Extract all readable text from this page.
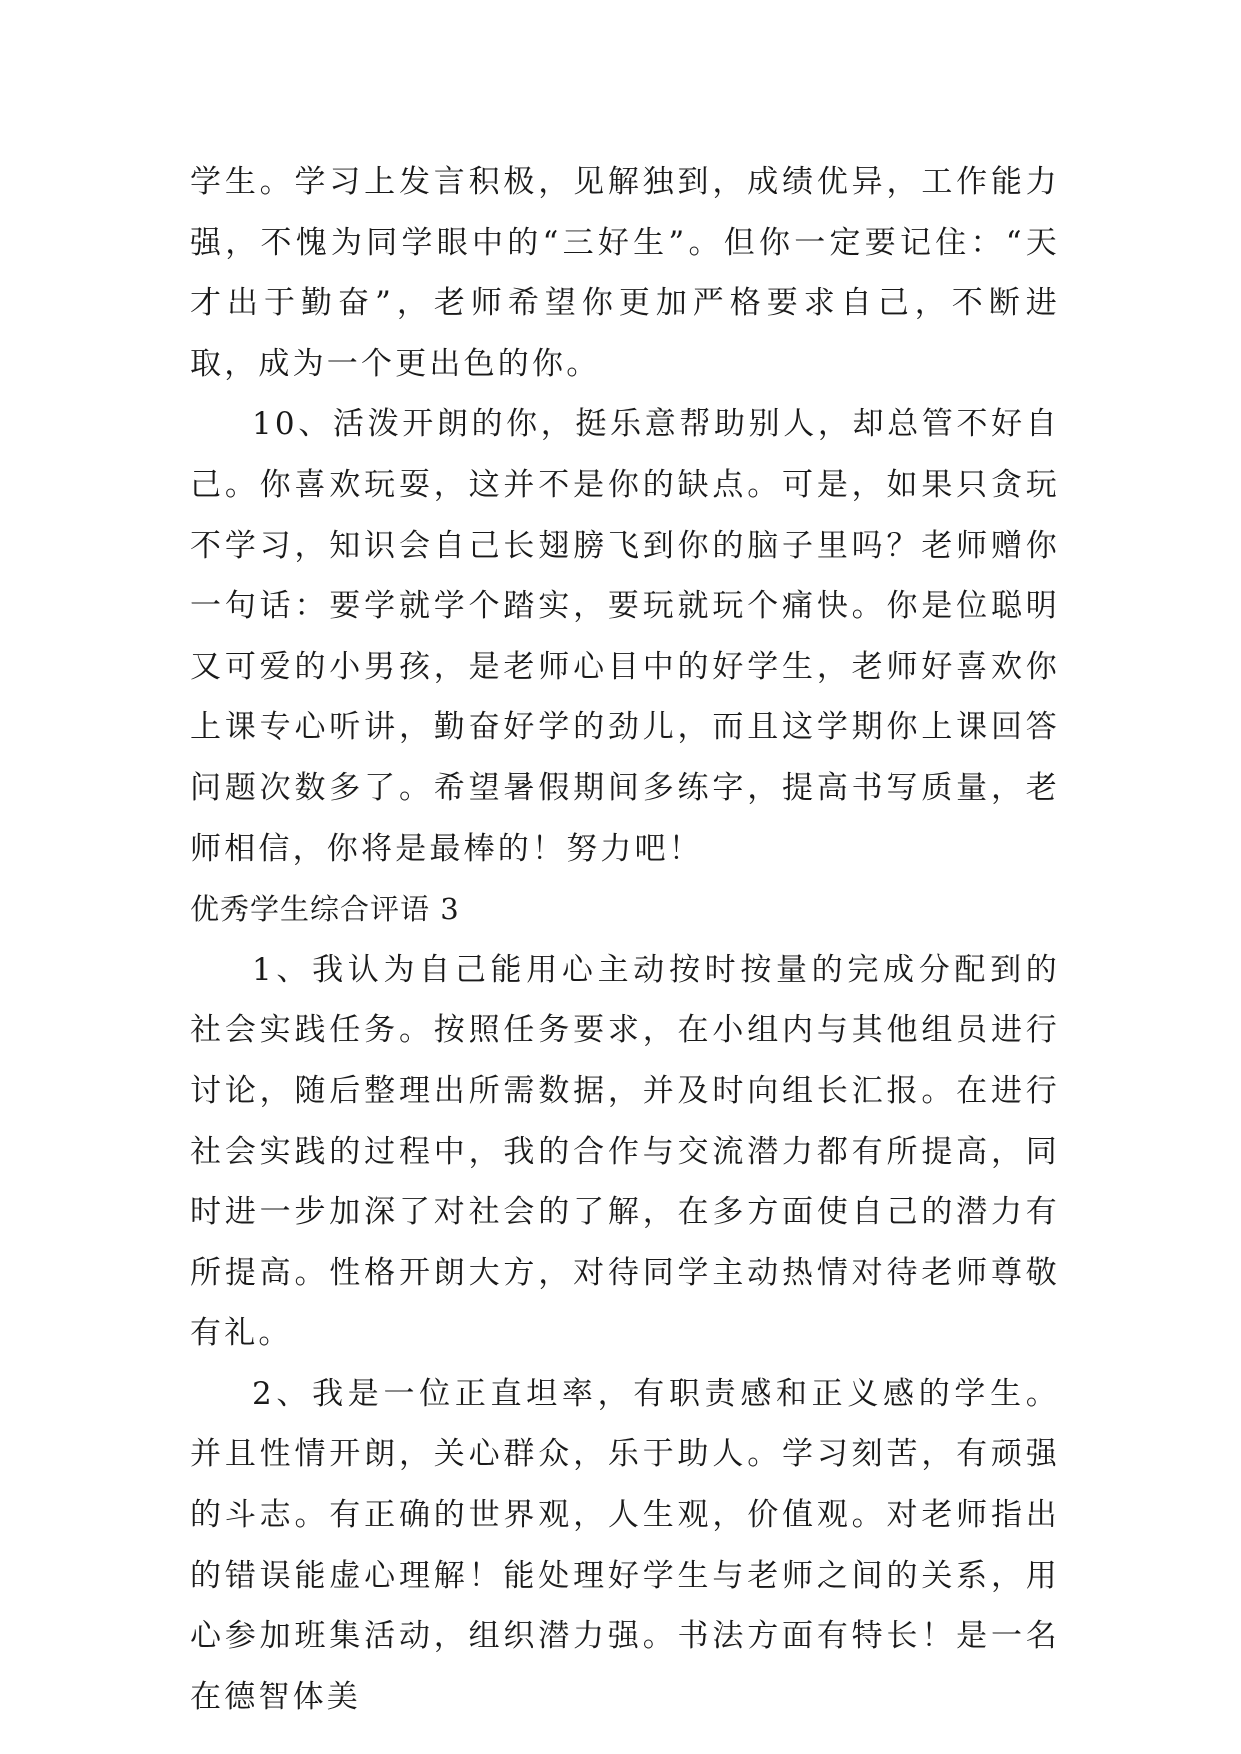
学生。学习上发言积极，见解独到，成绩优异，工作能力强，不愧为同学眼中的“三好生”。但你一定要记住：“天才出于勤奋”，老师希望你更加严格要求自己，不断进取，成为一个更出色的你。

10、活泼开朗的你，挺乐意帮助别人，却总管不好自己。你喜欢玩耍，这并不是你的缺点。可是，如果只贪玩不学习，知识会自己长翅膀飞到你的脑子里吗？老师赠你一句话：要学就学个踏实，要玩就玩个痛快。你是位聪明又可爱的小男孩，是老师心目中的好学生，老师好喜欢你上课专心听讲，勤奋好学的劲儿，而且这学期你上课回答问题次数多了。希望暑假期间多练字，提高书写质量，老师相信，你将是最棒的！努力吧！

优秀学生综合评语 3

1、我认为自己能用心主动按时按量的完成分配到的社会实践任务。按照任务要求，在小组内与其他组员进行讨论，随后整理出所需数据，并及时向组长汇报。在进行社会实践的过程中，我的合作与交流潜力都有所提高，同时进一步加深了对社会的了解，在多方面使自己的潜力有所提高。性格开朗大方，对待同学主动热情对待老师尊敬有礼。

2、我是一位正直坦率，有职责感和正义感的学生。并且性情开朗，关心群众，乐于助人。学习刻苦，有顽强的斗志。有正确的世界观，人生观，价值观。对老师指出的错误能虚心理解！能处理好学生与老师之间的关系，用心参加班集活动，组织潜力强。书法方面有特长！是一名在德智体美
